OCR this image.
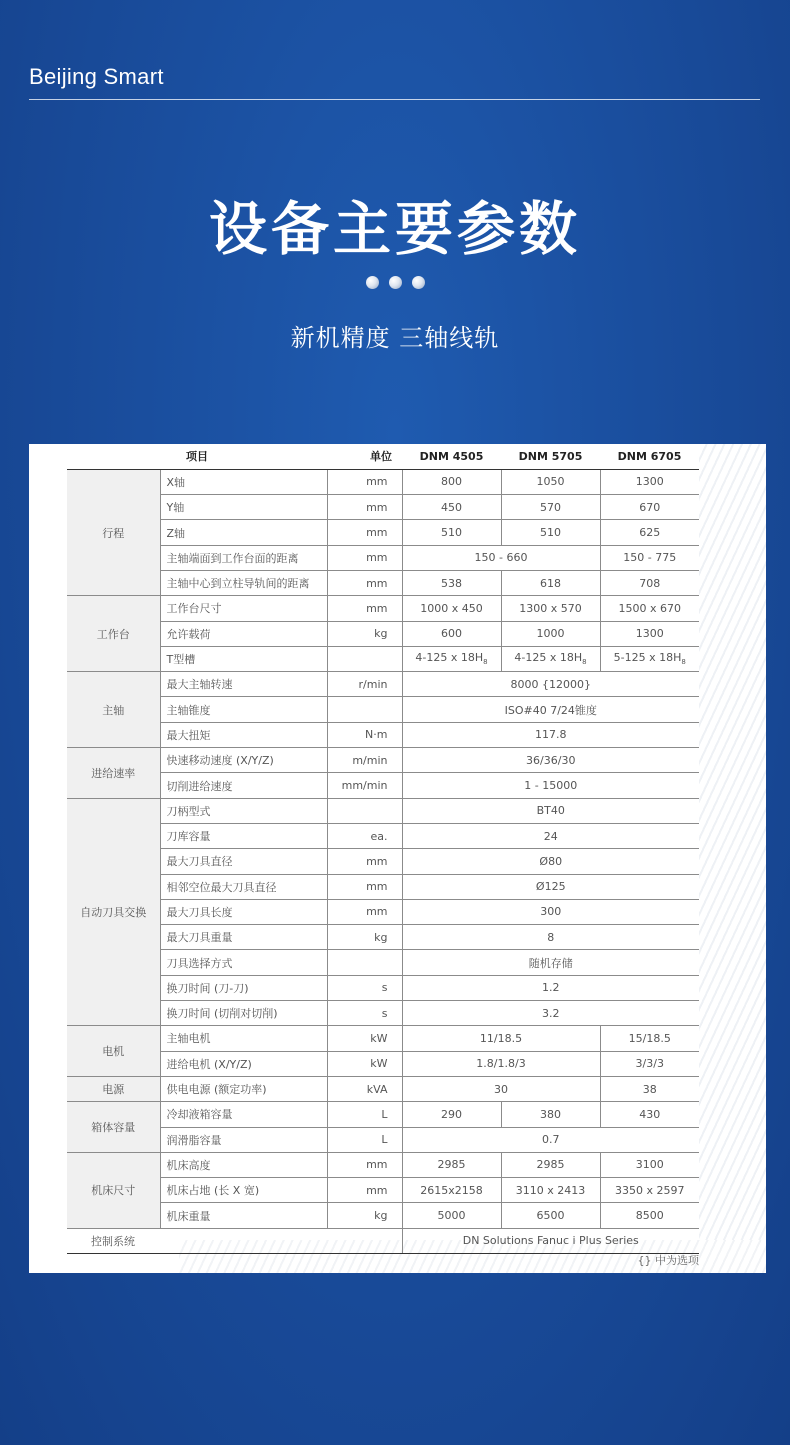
Beijing Smart
设备主要参数
新机精度 三轴线轨
项目		单位	DNM 4505	DNM 5705	DNM 6705
行程	X轴	mm	800	1050	1300
	Y轴	mm	450	570	670
	Z轴	mm	510	510	625
	主轴端面到工作台面的距离	mm	150 - 660		150 - 775
	主轴中心到立柱导轨间的距离	mm	538	618	708
工作台	工作台尺寸	mm	1000 x 450	1300 x 570	1500 x 670
	允许载荷	kg	600	1000	1300
	T型槽		4-125 x $18H_8$	4-125 x $18H_8$	5-125 x $18H_8$
主轴	最大主轴转速	r/min	8000 {12000}		
	主轴锥度		ISO#40 7/24锥度		
	最大扭矩	N·m	117.8		
进给速率	快速移动速度 (X/Y/Z)	m/min	36/36/30		
	切削进给速度	mm/min	1 - 15000		
自动刀具交换	刀柄型式		BT40		
	刀库容量	ea.	24		
	最大刀具直径	mm	Ø80		
	相邻空位最大刀具直径	mm	Ø125		
	最大刀具长度	mm	300		
	最大刀具重量	kg	8		
	刀具选择方式		随机存储		
	换刀时间 (刀-刀)	s	1.2		
	换刀时间 (切削对切削)	s	3.2		
电机	主轴电机	kW	11/18.5		15/18.5
	进给电机 (X/Y/Z)	kW	1.8/1.8/3		3/3/3
电源	供电电源 (额定功率)	kVA	30		38
箱体容量	冷却液箱容量	L	290	380	430
	润滑脂容量	L	0.7		
机床尺寸	机床高度	mm	2985	2985	3100
	机床占地 (长 X 宽)	mm	2615x2158	3110 x 2413	3350 x 2597
	机床重量	kg	5000	6500	8500
控制系统			DN Solutions Fanuc i Plus Series		
{} 中为选项
